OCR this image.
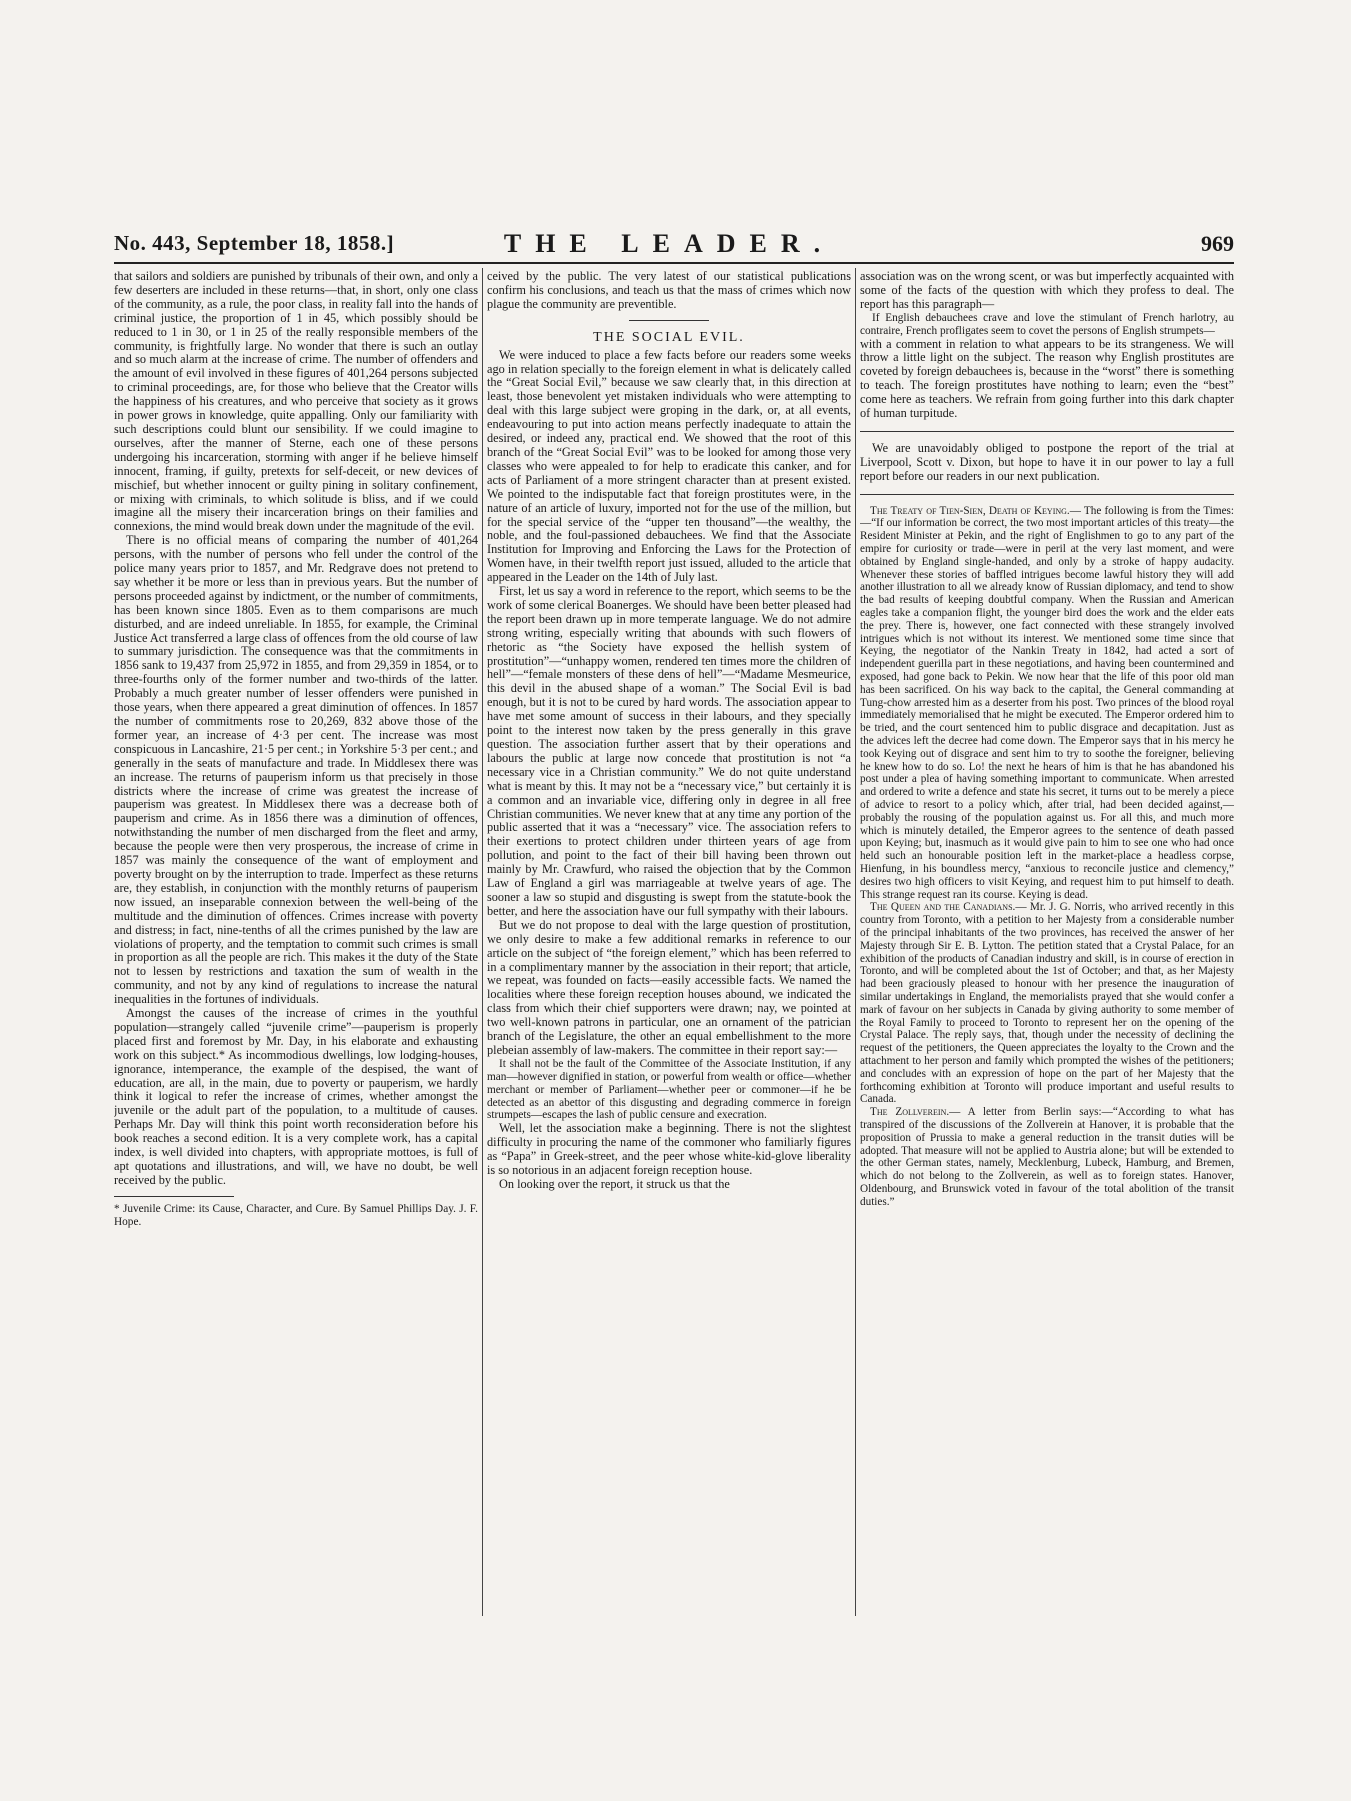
No. 443, September 18, 1858.]	THE LEADER.	969

that sailors and soldiers are punished by tribunals of their own, and only a few deserters are included in these returns—that, in short, only one class of the community, as a rule, the poor class, in reality fall into the hands of criminal justice, the proportion of 1 in 45, which possibly should be reduced to 1 in 30, or 1 in 25 of the really responsible members of the community, is frightfully large. No wonder that there is such an outlay and so much alarm at the increase of crime. The number of offenders and the amount of evil involved in these figures of 401,264 persons subjected to criminal proceedings, are, for those who believe that the Creator wills the happiness of his creatures, and who perceive that society as it grows in power grows in knowledge, quite appalling. Only our familiarity with such descriptions could blunt our sensibility. If we could imagine to ourselves, after the manner of Sterne, each one of these persons undergoing his incarceration, storming with anger if he believe himself innocent, framing, if guilty, pretexts for self-deceit, or new devices of mischief, but whether innocent or guilty pining in solitary confinement, or mixing with criminals, to which solitude is bliss, and if we could imagine all the misery their incarceration brings on their families and connexions, the mind would break down under the magnitude of the evil.

There is no official means of comparing the number of 401,264 persons, with the number of persons who fell under the control of the police many years prior to 1857, and Mr. Redgrave does not pretend to say whether it be more or less than in previous years. But the number of persons proceeded against by indictment, or the number of commitments, has been known since 1805. Even as to them comparisons are much disturbed, and are indeed unreliable. In 1855, for example, the Criminal Justice Act transferred a large class of offences from the old course of law to summary jurisdiction. The consequence was that the commitments in 1856 sank to 19,437 from 25,972 in 1855, and from 29,359 in 1854, or to three-fourths only of the former number and two-thirds of the latter. Probably a much greater number of lesser offenders were punished in those years, when there appeared a great diminution of offences. In 1857 the number of commitments rose to 20,269, 832 above those of the former year, an increase of 4·3 per cent. The increase was most conspicuous in Lancashire, 21·5 per cent.; in Yorkshire 5·3 per cent.; and generally in the seats of manufacture and trade. In Middlesex there was an increase. The returns of pauperism inform us that precisely in those districts where the increase of crime was greatest the increase of pauperism was greatest. In Middlesex there was a decrease both of pauperism and crime. As in 1856 there was a diminution of offences, notwithstanding the number of men discharged from the fleet and army, because the people were then very prosperous, the increase of crime in 1857 was mainly the consequence of the want of employment and poverty brought on by the interruption to trade. Imperfect as these returns are, they establish, in conjunction with the monthly returns of pauperism now issued, an inseparable connexion between the well-being of the multitude and the diminution of offences. Crimes increase with poverty and distress; in fact, nine-tenths of all the crimes punished by the law are violations of property, and the temptation to commit such crimes is small in proportion as all the people are rich. This makes it the duty of the State not to lessen by restrictions and taxation the sum of wealth in the community, and not by any kind of regulations to increase the natural inequalities in the fortunes of individuals.

Amongst the causes of the increase of crimes in the youthful population—strangely called “juvenile crime”—pauperism is properly placed first and foremost by Mr. Day, in his elaborate and exhausting work on this subject.* As incommodious dwellings, low lodging-houses, ignorance, intemperance, the example of the despised, the want of education, are all, in the main, due to poverty or pauperism, we hardly think it logical to refer the increase of crimes, whether amongst the juvenile or the adult part of the population, to a multitude of causes. Perhaps Mr. Day will think this point worth reconsideration before his book reaches a second edition. It is a very complete work, has a capital index, is well divided into chapters, with appropriate mottoes, is full of apt quotations and illustrations, and will, we have no doubt, be well received by the public.

* Juvenile Crime: its Cause, Character, and Cure. By Samuel Phillips Day. J. F. Hope.

ceived by the public. The very latest of our statistical publications confirm his conclusions, and teach us that the mass of crimes which now plague the community are preventible.

THE SOCIAL EVIL.

We were induced to place a few facts before our readers some weeks ago in relation specially to the foreign element in what is delicately called the “Great Social Evil,” because we saw clearly that, in this direction at least, those benevolent yet mistaken individuals who were attempting to deal with this large subject were groping in the dark, or, at all events, endeavouring to put into action means perfectly inadequate to attain the desired, or indeed any, practical end. We showed that the root of this branch of the “Great Social Evil” was to be looked for among those very classes who were appealed to for help to eradicate this canker, and for acts of Parliament of a more stringent character than at present existed. We pointed to the indisputable fact that foreign prostitutes were, in the nature of an article of luxury, imported not for the use of the million, but for the special service of the “upper ten thousand”—the wealthy, the noble, and the foul-passioned debauchees. We find that the Associate Institution for Improving and Enforcing the Laws for the Protection of Women have, in their twelfth report just issued, alluded to the article that appeared in the Leader on the 14th of July last.

First, let us say a word in reference to the report, which seems to be the work of some clerical Boanerges. We should have been better pleased had the report been drawn up in more temperate language. We do not admire strong writing, especially writing that abounds with such flowers of rhetoric as “the Society have exposed the hellish system of prostitution”—“unhappy women, rendered ten times more the children of hell”—“female monsters of these dens of hell”—“Madame Mesmeurice, this devil in the abused shape of a woman.” The Social Evil is bad enough, but it is not to be cured by hard words. The association appear to have met some amount of success in their labours, and they specially point to the interest now taken by the press generally in this grave question. The association further assert that by their operations and labours the public at large now concede that prostitution is not “a necessary vice in a Christian community.” We do not quite understand what is meant by this. It may not be a “necessary vice,” but certainly it is a common and an invariable vice, differing only in degree in all free Christian communities. We never knew that at any time any portion of the public asserted that it was a “necessary” vice. The association refers to their exertions to protect children under thirteen years of age from pollution, and point to the fact of their bill having been thrown out mainly by Mr. Crawfurd, who raised the objection that by the Common Law of England a girl was marriageable at twelve years of age. The sooner a law so stupid and disgusting is swept from the statute-book the better, and here the association have our full sympathy with their labours.

But we do not propose to deal with the large question of prostitution, we only desire to make a few additional remarks in reference to our article on the subject of “the foreign element,” which has been referred to in a complimentary manner by the association in their report; that article, we repeat, was founded on facts—easily accessible facts. We named the localities where these foreign reception houses abound, we indicated the class from which their chief supporters were drawn; nay, we pointed at two well-known patrons in particular, one an ornament of the patrician branch of the Legislature, the other an equal embellishment to the more plebeian assembly of law-makers. The committee in their report say:—

It shall not be the fault of the Committee of the Associate Institution, if any man—however dignified in station, or powerful from wealth or office—whether merchant or member of Parliament—whether peer or commoner—if he be detected as an abettor of this disgusting and degrading commerce in foreign strumpets—escapes the lash of public censure and execration.

Well, let the association make a beginning. There is not the slightest difficulty in procuring the name of the commoner who familiarly figures as “Papa” in Greek-street, and the peer whose white-kid-glove liberality is so notorious in an adjacent foreign reception house.

On looking over the report, it struck us that the

association was on the wrong scent, or was but imperfectly acquainted with some of the facts of the question with which they profess to deal. The report has this paragraph—

If English debauchees crave and love the stimulant of French harlotry, au contraire, French profligates seem to covet the persons of English strumpets—

with a comment in relation to what appears to be its strangeness. We will throw a little light on the subject. The reason why English prostitutes are coveted by foreign debauchees is, because in the “worst” there is something to teach. The foreign prostitutes have nothing to learn; even the “best” come here as teachers. We refrain from going further into this dark chapter of human turpitude.

We are unavoidably obliged to postpone the report of the trial at Liverpool, Scott v. Dixon, but hope to have it in our power to lay a full report before our readers in our next publication.

The Treaty of Tien-Sien, Death of Keying.— The following is from the Times:—“If our information be correct, the two most important articles of this treaty—the Resident Minister at Pekin, and the right of Englishmen to go to any part of the empire for curiosity or trade—were in peril at the very last moment, and were obtained by England single-handed, and only by a stroke of happy audacity. Whenever these stories of baffled intrigues become lawful history they will add another illustration to all we already know of Russian diplomacy, and tend to show the bad results of keeping doubtful company. When the Russian and American eagles take a companion flight, the younger bird does the work and the elder eats the prey. There is, however, one fact connected with these strangely involved intrigues which is not without its interest. We mentioned some time since that Keying, the negotiator of the Nankin Treaty in 1842, had acted a sort of independent guerilla part in these negotiations, and having been countermined and exposed, had gone back to Pekin. We now hear that the life of this poor old man has been sacrificed. On his way back to the capital, the General commanding at Tung-chow arrested him as a deserter from his post. Two princes of the blood royal immediately memorialised that he might be executed. The Emperor ordered him to be tried, and the court sentenced him to public disgrace and decapitation. Just as the advices left the decree had come down. The Emperor says that in his mercy he took Keying out of disgrace and sent him to try to soothe the foreigner, believing he knew how to do so. Lo! the next he hears of him is that he has abandoned his post under a plea of having something important to communicate. When arrested and ordered to write a defence and state his secret, it turns out to be merely a piece of advice to resort to a policy which, after trial, had been decided against,—probably the rousing of the population against us. For all this, and much more which is minutely detailed, the Emperor agrees to the sentence of death passed upon Keying; but, inasmuch as it would give pain to him to see one who had once held such an honourable position left in the market-place a headless corpse, Hienfung, in his boundless mercy, “anxious to reconcile justice and clemency,” desires two high officers to visit Keying, and request him to put himself to death. This strange request ran its course. Keying is dead.

The Queen and the Canadians.— Mr. J. G. Norris, who arrived recently in this country from Toronto, with a petition to her Majesty from a considerable number of the principal inhabitants of the two provinces, has received the answer of her Majesty through Sir E. B. Lytton. The petition stated that a Crystal Palace, for an exhibition of the products of Canadian industry and skill, is in course of erection in Toronto, and will be completed about the 1st of October; and that, as her Majesty had been graciously pleased to honour with her presence the inauguration of similar undertakings in England, the memorialists prayed that she would confer a mark of favour on her subjects in Canada by giving authority to some member of the Royal Family to proceed to Toronto to represent her on the opening of the Crystal Palace. The reply says, that, though under the necessity of declining the request of the petitioners, the Queen appreciates the loyalty to the Crown and the attachment to her person and family which prompted the wishes of the petitioners; and concludes with an expression of hope on the part of her Majesty that the forthcoming exhibition at Toronto will produce important and useful results to Canada.

The Zollverein.— A letter from Berlin says:—“According to what has transpired of the discussions of the Zollverein at Hanover, it is probable that the proposition of Prussia to make a general reduction in the transit duties will be adopted. That measure will not be applied to Austria alone; but will be extended to the other German states, namely, Mecklenburg, Lubeck, Hamburg, and Bremen, which do not belong to the Zollverein, as well as to foreign states. Hanover, Oldenbourg, and Brunswick voted in favour of the total abolition of the transit duties.”
